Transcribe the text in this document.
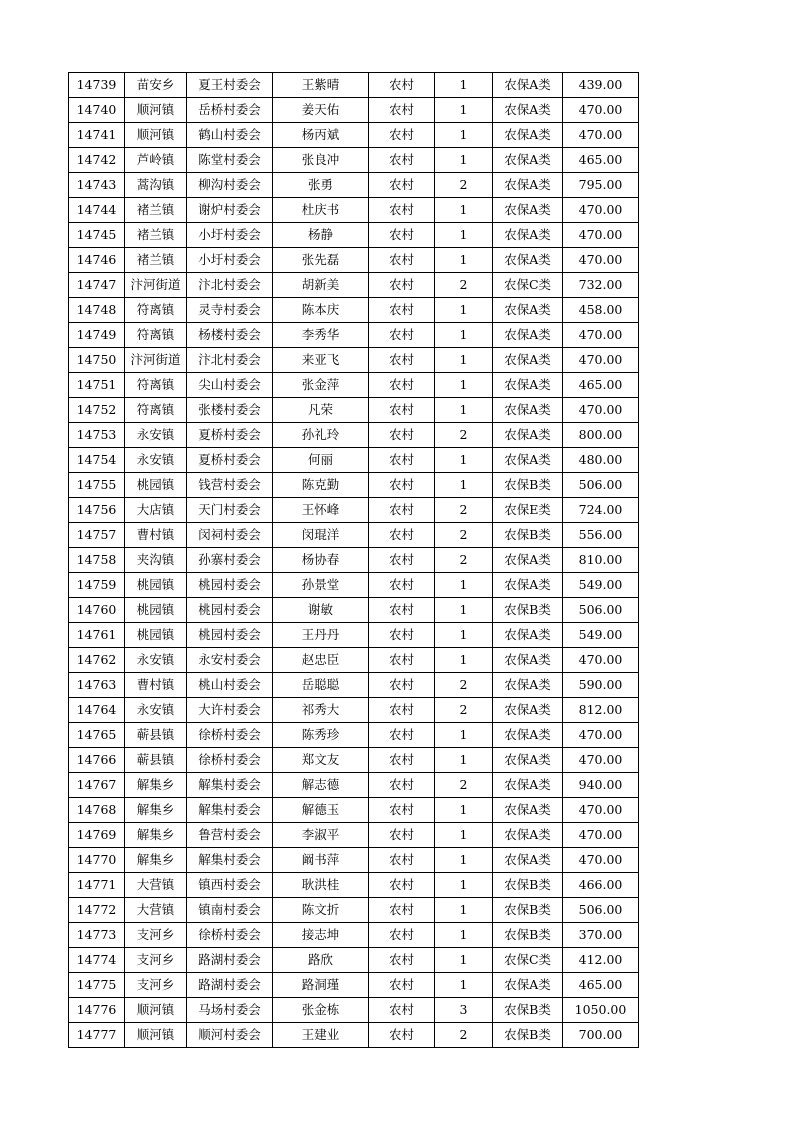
14739	苗安乡	夏王村委会	王紫晴	农村	1	农保A类	439.00
14740	顺河镇	岳桥村委会	姜天佑	农村	1	农保A类	470.00
14741	顺河镇	鹤山村委会	杨丙斌	农村	1	农保A类	470.00
14742	芦岭镇	陈堂村委会	张良冲	农村	1	农保A类	465.00
14743	蒿沟镇	柳沟村委会	张勇	农村	2	农保A类	795.00
14744	褚兰镇	谢炉村委会	杜庆书	农村	1	农保A类	470.00
14745	褚兰镇	小圩村委会	杨静	农村	1	农保A类	470.00
14746	褚兰镇	小圩村委会	张先磊	农村	1	农保A类	470.00
14747	汴河街道	汴北村委会	胡新美	农村	2	农保C类	732.00
14748	符离镇	灵寺村委会	陈本庆	农村	1	农保A类	458.00
14749	符离镇	杨楼村委会	李秀华	农村	1	农保A类	470.00
14750	汴河街道	汴北村委会	来亚飞	农村	1	农保A类	470.00
14751	符离镇	尖山村委会	张金萍	农村	1	农保A类	465.00
14752	符离镇	张楼村委会	凡荣	农村	1	农保A类	470.00
14753	永安镇	夏桥村委会	孙礼玲	农村	2	农保A类	800.00
14754	永安镇	夏桥村委会	何丽	农村	1	农保A类	480.00
14755	桃园镇	钱营村委会	陈克勤	农村	1	农保B类	506.00
14756	大店镇	天门村委会	王怀峰	农村	2	农保E类	724.00
14757	曹村镇	闵祠村委会	闵琨洋	农村	2	农保B类	556.00
14758	夹沟镇	孙寨村委会	杨协春	农村	2	农保A类	810.00
14759	桃园镇	桃园村委会	孙景堂	农村	1	农保A类	549.00
14760	桃园镇	桃园村委会	谢敏	农村	1	农保B类	506.00
14761	桃园镇	桃园村委会	王丹丹	农村	1	农保A类	549.00
14762	永安镇	永安村委会	赵忠臣	农村	1	农保A类	470.00
14763	曹村镇	桃山村委会	岳聪聪	农村	2	农保A类	590.00
14764	永安镇	大许村委会	祁秀大	农村	2	农保A类	812.00
14765	蕲县镇	徐桥村委会	陈秀珍	农村	1	农保A类	470.00
14766	蕲县镇	徐桥村委会	郑文友	农村	1	农保A类	470.00
14767	解集乡	解集村委会	解志德	农村	2	农保A类	940.00
14768	解集乡	解集村委会	解德玉	农村	1	农保A类	470.00
14769	解集乡	鲁营村委会	李淑平	农村	1	农保A类	470.00
14770	解集乡	解集村委会	阚书萍	农村	1	农保A类	470.00
14771	大营镇	镇西村委会	耿洪桂	农村	1	农保B类	466.00
14772	大营镇	镇南村委会	陈文折	农村	1	农保B类	506.00
14773	支河乡	徐桥村委会	接志坤	农村	1	农保B类	370.00
14774	支河乡	路湖村委会	路欣	农村	1	农保C类	412.00
14775	支河乡	路湖村委会	路洞瑾	农村	1	农保A类	465.00
14776	顺河镇	马场村委会	张金栋	农村	3	农保B类	1050.00
14777	顺河镇	顺河村委会	王建业	农村	2	农保B类	700.00
